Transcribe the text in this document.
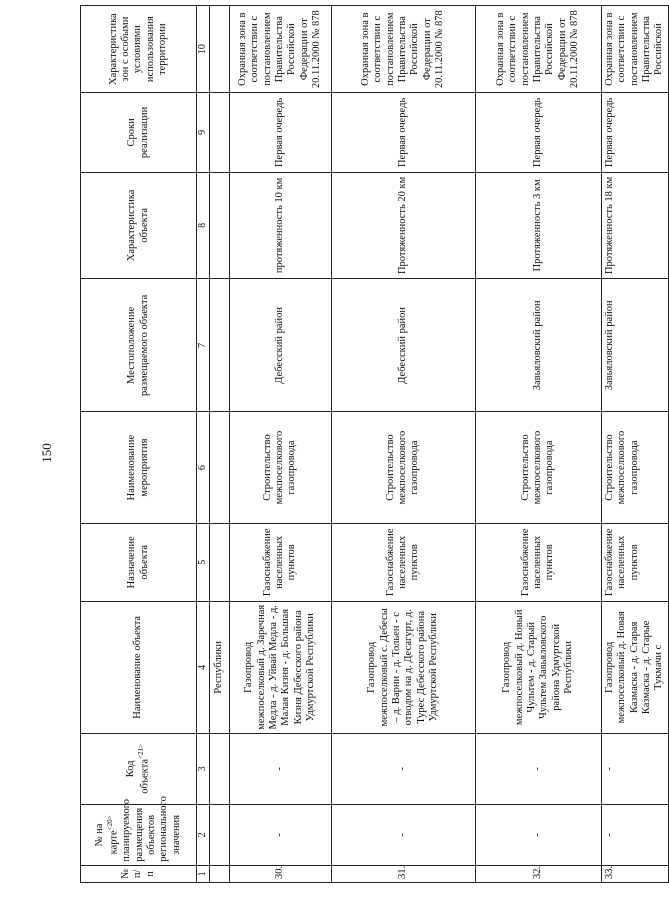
150
№ п/п	№ на карте$^{<20>}$ планируемого размещения объектов регионального значения	Код объекта$^{<21>}$	Наименование объекта	Назначение объекта	Наименование мероприятия	Местоположение размещаемого объекта	Характеристика объекта	Сроки реализации	Характеристика зон с особыми условиями использования территории
1	2	3	4	5	6	7	8	9	10
			Республики						
30.	-	-	Газопровод межпоселковый д. Заречная Медла - д. Уйвай Медла - д. Малая Кизня - д. Большая Кизня Дебесского района Удмуртской Республики	Газоснабжение населенных пунктов	Строительство межпоселкового газопровода	Дебесский район	протяженность 10 км	Первая очередь	Охранная зона в соответствии с постановлением Правительства Российской Федерации от 20.11.2000 № 878
31.	-	-	Газопровод межпоселковый с. Дебесы – д. Варни - д. Тольен - с отводом на д. Десагурт, д. Турес Дебесского района Удмуртской Республики	Газоснабжение населенных пунктов	Строительство межпоселкового газопровода	Дебесский район	Протяженность 20 км	Первая очередь	Охранная зона в соответствии с постановлением Правительства Российской Федерации от 20.11.2000 № 878
32.	-	-	Газопровод межпоселковый д. Новый Чультем - д. Старый Чультем Завьяловского района Удмуртской Республики	Газоснабжение населенных пунктов	Строительство межпоселкового газопровода	Завьяловский район	Протяженность 3 км	Первая очередь	Охранная зона в соответствии с постановлением Правительства Российской Федерации от 20.11.2000 № 878
33.	-	-	Газопровод межпоселковый д. Новая Казмаска - д. Старая Казмаска - д. Старые Тукмачи с	Газоснабжение населенных пунктов	Строительство межпоселкового газопровода	Завьяловский район	Протяженность 18 км	Первая очередь	Охранная зона в соответствии с постановлением Правительства Российской
